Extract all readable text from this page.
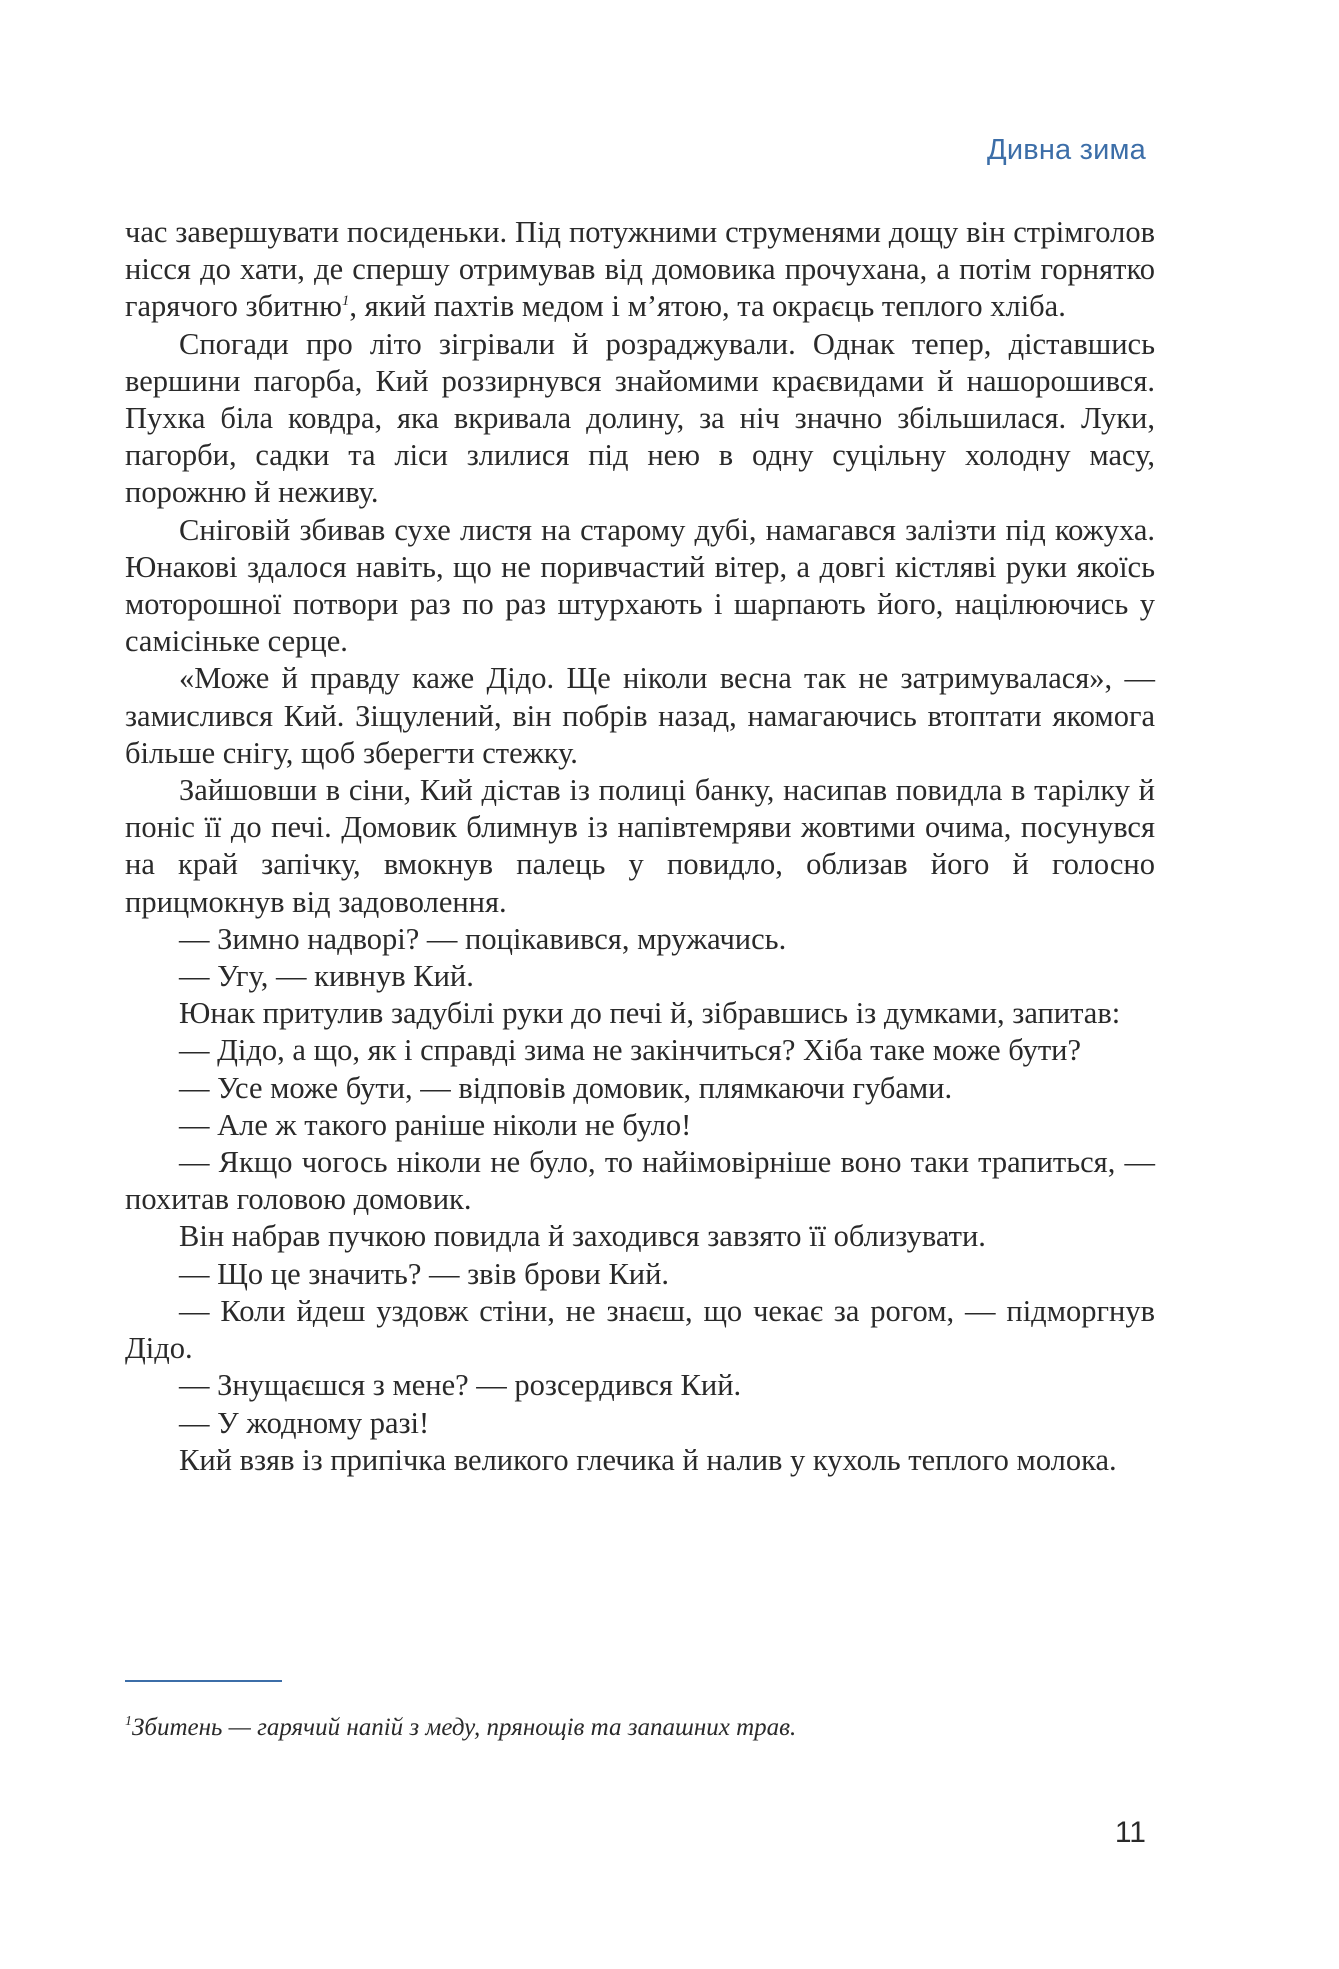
Дивна зима

час завершувати посиденьки. Під потужними струменями дощу він стрімголов нісся до хати, де спершу отримував від домовика прочухана, а потім горнятко гарячого збитню$^1$, який пахтів медом і м’ятою, та окраєць теплого хліба.

Спогади про літо зігрівали й розраджували. Однак тепер, діставшись вершини пагорба, Кий роззирнувся знайомими краєвидами й нашорошився. Пухка біла ковдра, яка вкривала долину, за ніч значно збільшилася. Луки, пагорби, садки та ліси злилися під нею в одну суцільну холодну масу, порожню й неживу.

Сніговій збивав сухе листя на старому дубі, намагався залізти під кожуха. Юнакові здалося навіть, що не поривчастий вітер, а довгі кістляві руки якоїсь моторошної потвори раз по раз штурхають і шарпають його, націлюючись у самісіньке серце.

«Може й правду каже Дідо. Ще ніколи весна так не затримувалася», — замислився Кий. Зіщулений, він побрів назад, намагаючись втоптати якомога більше снігу, щоб зберегти стежку.

Зайшовши в сіни, Кий дістав із полиці банку, насипав повидла в тарілку й поніс її до печі. Домовик блимнув із напівтемряви жовтими очима, посунувся на край запічку, вмокнув палець у повидло, облизав його й голосно прицмокнув від задоволення.

— Зимно надворі? — поцікавився, мружачись.

— Угу, — кивнув Кий.

Юнак притулив задубілі руки до печі й, зібравшись із думками, запитав:

— Дідо, а що, як і справді зима не закінчиться? Хіба таке може бути?

— Усе може бути, — відповів домовик, плямкаючи губами.

— Але ж такого раніше ніколи не було!

— Якщо чогось ніколи не було, то найімовірніше воно таки трапиться, — похитав головою домовик.

Він набрав пучкою повидла й заходився завзято її облизувати.

— Що це значить? — звів брови Кий.

— Коли йдеш уздовж стіни, не знаєш, що чекає за рогом, — підморгнув Дідо.

— Знущаєшся з мене? — розсердився Кий.

— У жодному разі!

Кий взяв із припічка великого глечика й налив у кухоль теплого молока.

$^1$Збитень — гарячий напій з меду, прянощів та запашних трав.
11
